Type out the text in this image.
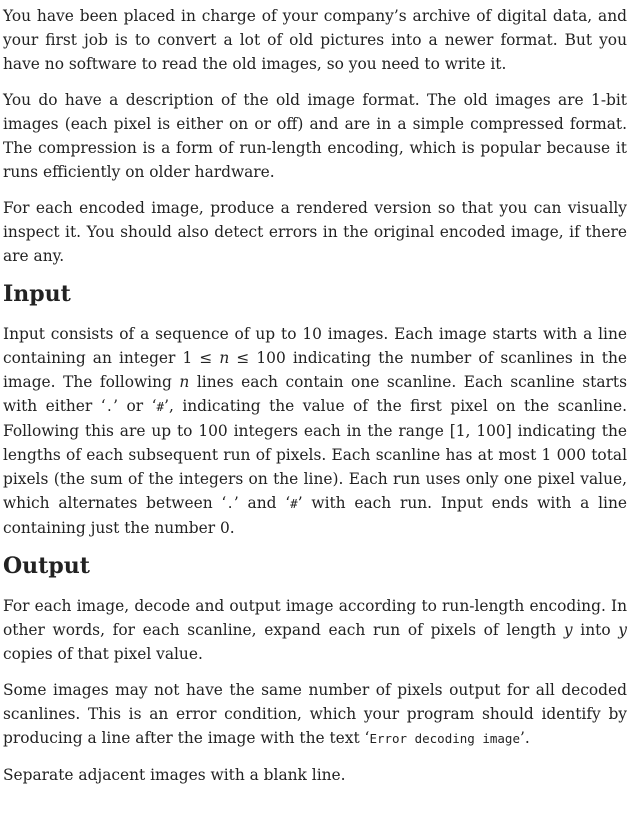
You have been placed in charge of your company’s archive of digital data, and your first job is to convert a lot of old pictures into a newer format. But you have no software to read the old images, so you need to write it.

You do have a description of the old image format. The old images are 1-bit images (each pixel is either on or off) and are in a simple compressed format. The compression is a form of run-length encoding, which is popular because it runs efficiently on older hardware.

For each encoded image, produce a rendered version so that you can visually inspect it. You should also detect errors in the original encoded image, if there are any.

Input

Input consists of a sequence of up to 10 images. Each image starts with a line containing an integer 1 ≤ n ≤ 100 indicating the number of scanlines in the image. The following n lines each contain one scanline. Each scanline starts with either ‘.’ or ‘#’, indicating the value of the first pixel on the scanline. Following this are up to 100 integers each in the range [1, 100] indicating the lengths of each subsequent run of pixels. Each scanline has at most 1 000 total pixels (the sum of the integers on the line). Each run uses only one pixel value, which alternates between ‘.’ and ‘#’ with each run. Input ends with a line containing just the number 0.

Output

For each image, decode and output image according to run-length encoding. In other words, for each scanline, expand each run of pixels of length y into y copies of that pixel value.

Some images may not have the same number of pixels output for all decoded scanlines. This is an error condition, which your program should identify by producing a line after the image with the text ‘Error decoding image’.

Separate adjacent images with a blank line.
